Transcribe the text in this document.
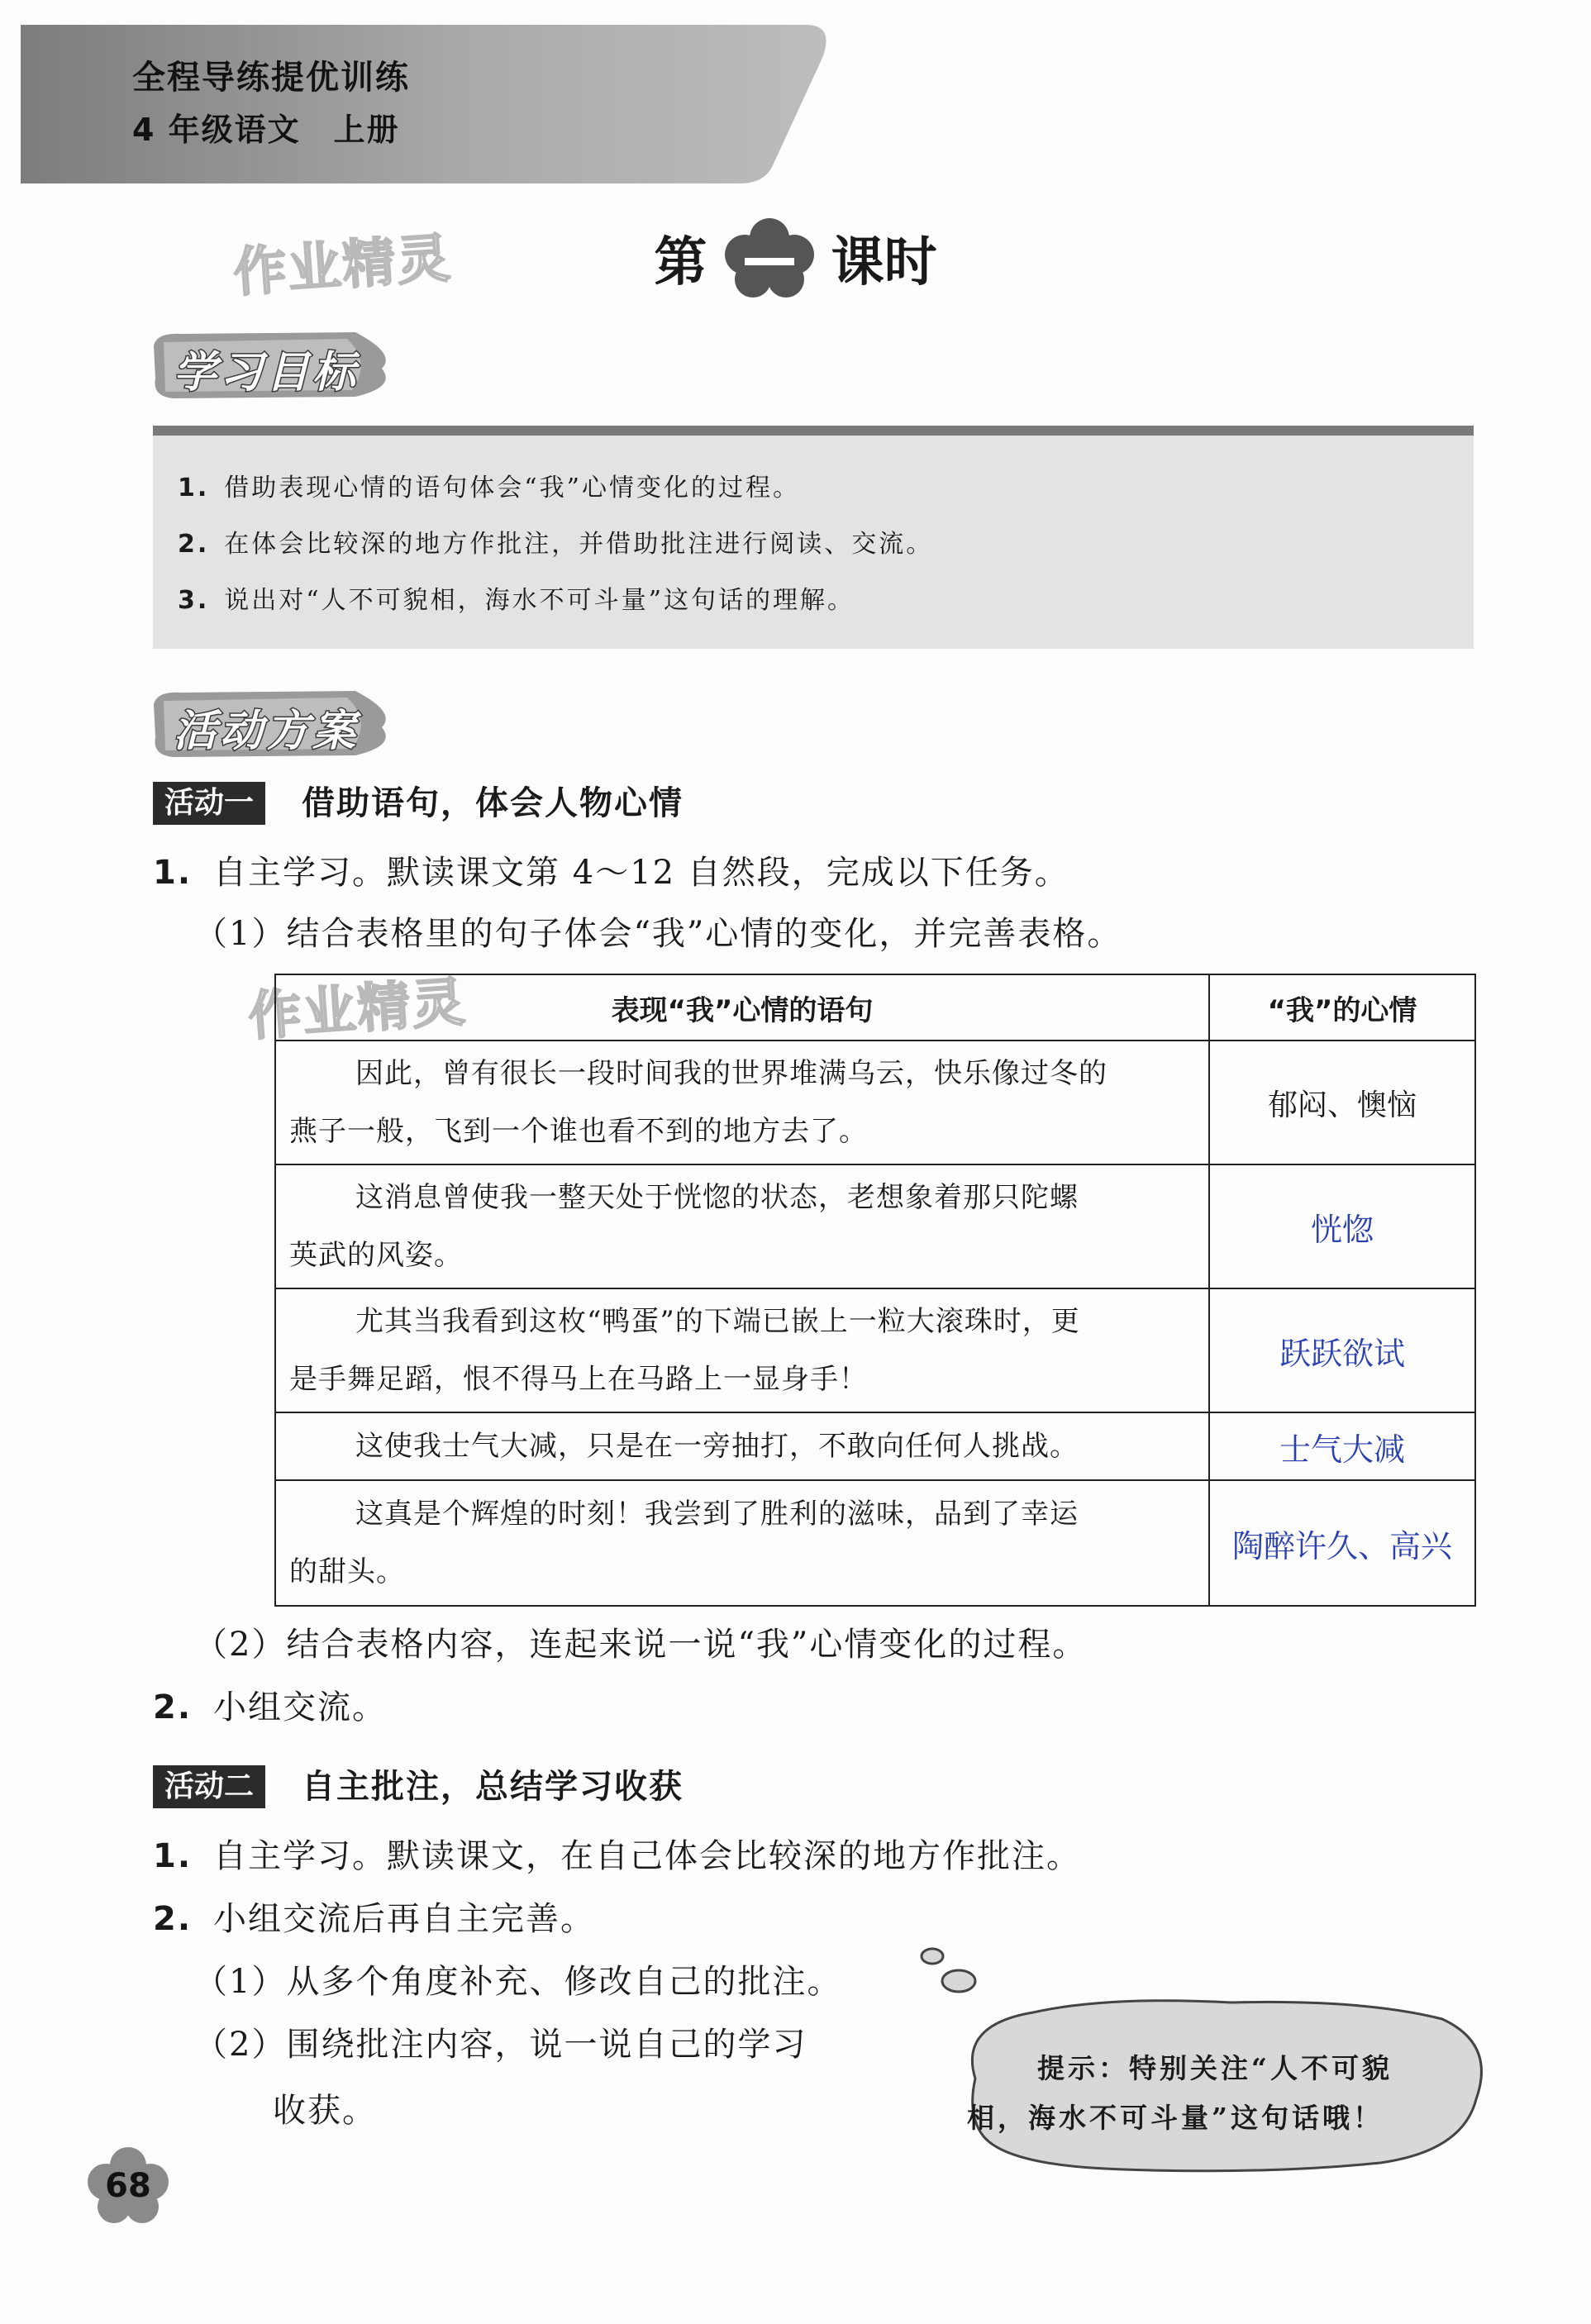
全程导练提优训练
4 年级语文　上册
作业精灵
作业精灵
第 课时
学习目标
1. 借助表现心情的语句体会“我”心情变化的过程。
2. 在体会比较深的地方作批注，并借助批注进行阅读、交流。
3. 说出对“人不可貌相，海水不可斗量”这句话的理解。
活动方案
活动一	借助语句，体会人物心情
1. 自主学习。默读课文第 4～12 自然段，完成以下任务。
（1）结合表格里的句子体会“我”心情的变化，并完善表格。
表现“我”心情的语句	“我”的心情
因此，曾有很长一段时间我的世界堆满乌云，快乐像过冬的
燕子一般，飞到一个谁也看不到的地方去了。	郁闷、懊恼
这消息曾使我一整天处于恍惚的状态，老想象着那只陀螺
英武的风姿。	恍惚
尤其当我看到这枚“鸭蛋”的下端已嵌上一粒大滚珠时，更
是手舞足蹈，恨不得马上在马路上一显身手！	跃跃欲试
这使我士气大减，只是在一旁抽打，不敢向任何人挑战。	士气大减
这真是个辉煌的时刻！我尝到了胜利的滋味，品到了幸运
的甜头。	陶醉许久、高兴
（2）结合表格内容，连起来说一说“我”心情变化的过程。
2. 小组交流。
活动二	自主批注，总结学习收获
1. 自主学习。默读课文，在自己体会比较深的地方作批注。
2. 小组交流后再自主完善。
（1）从多个角度补充、修改自己的批注。
（2）围绕批注内容，说一说自己的学习
收获。
提示：特别关注“人不可貌
相，海水不可斗量”这句话哦！
68
